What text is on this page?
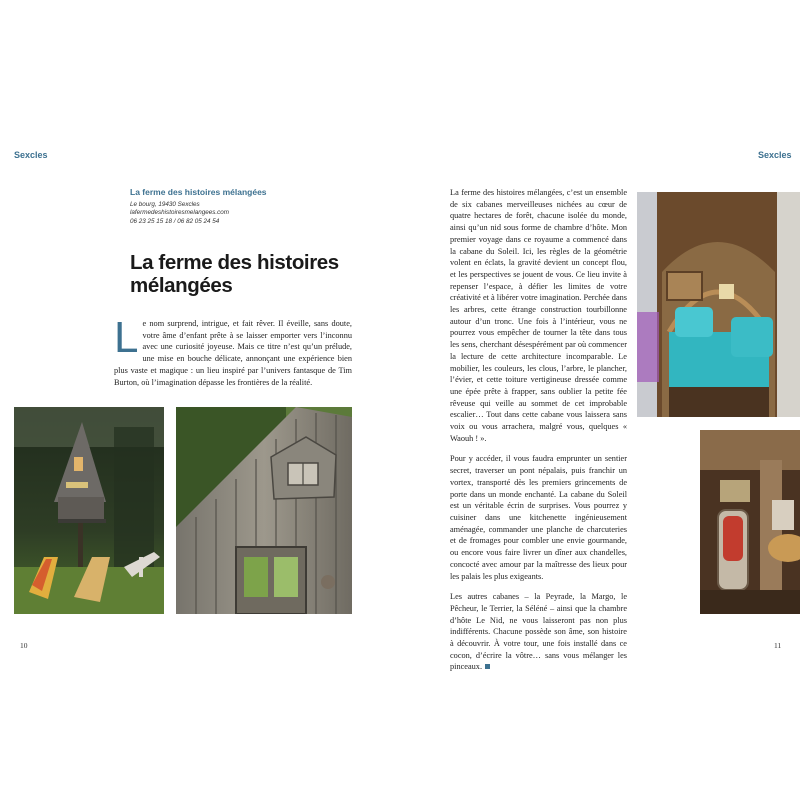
Sexcles	Sexcles
La ferme des histoires mélangées
Le bourg, 19430 Sexcles
lafermedeshistoiresmelangees.com
06 23 25 15 18 / 06 82 05 24 54
La ferme des histoires
mélangées
Le nom surprend, intrigue, et fait rêver. Il éveille, sans doute, votre âme d’enfant prête à se laisser emporter vers l’inconnu avec une curiosité joyeuse. Mais ce titre n’est qu’un prélude, une mise en bouche délicate, annonçant une expérience bien plus vaste et magique : un lieu inspiré par l’univers fantasque de Tim Burton, où l’imagination dépasse les frontières de la réalité.

La ferme des histoires mélangées, c’est un ensemble de six cabanes merveilleuses nichées au cœur de quatre hectares de forêt, chacune isolée du monde, ainsi qu’un nid sous forme de chambre d’hôte. Mon premier voyage dans ce royaume a commencé dans la cabane du Soleil. Ici, les règles de la géométrie volent en éclats, la gravité devient un concept flou, et les perspectives se jouent de vous. Ce lieu invite à repenser l’espace, à défier les limites de votre créativité et à libérer votre imagination. Perchée dans les arbres, cette étrange construction tourbillonne autour d’un tronc. Une fois à l’intérieur, vous ne pourrez vous empêcher de tourner la tête dans tous les sens, cherchant désespérément par où commencer la lecture de cette architecture incomparable. Le mobilier, les couleurs, les clous, l’arbre, le plancher, l’évier, et cette toiture vertigineuse dressée comme une épée prête à frapper, sans oublier la petite fée rêveuse qui veille au sommet de cet improbable escalier… Tout dans cette cabane vous laissera sans voix ou vous arrachera, malgré vous, quelques « Waouh ! ».

Pour y accéder, il vous faudra emprunter un sentier secret, traverser un pont népalais, puis franchir un vortex, transporté dès les premiers grincements de porte dans un monde enchanté. La cabane du Soleil est un véritable écrin de surprises. Vous pourrez y cuisiner dans une kitchenette ingénieusement aménagée, commander une planche de charcuteries et de fromages pour combler une envie gourmande, ou encore vous faire livrer un dîner aux chandelles, concocté avec amour par la maîtresse des lieux pour les palais les plus exigeants.

Les autres cabanes – la Peyrade, la Margo, le Pêcheur, le Terrier, la Séléné – ainsi que la chambre d’hôte Le Nid, ne vous laisseront pas non plus indifférents. Chacune possède son âme, son histoire à découvrir. À votre tour, une fois installé dans ce cocon, d’écrire la vôtre… sans vous mélanger les pinceaux.

10	11
